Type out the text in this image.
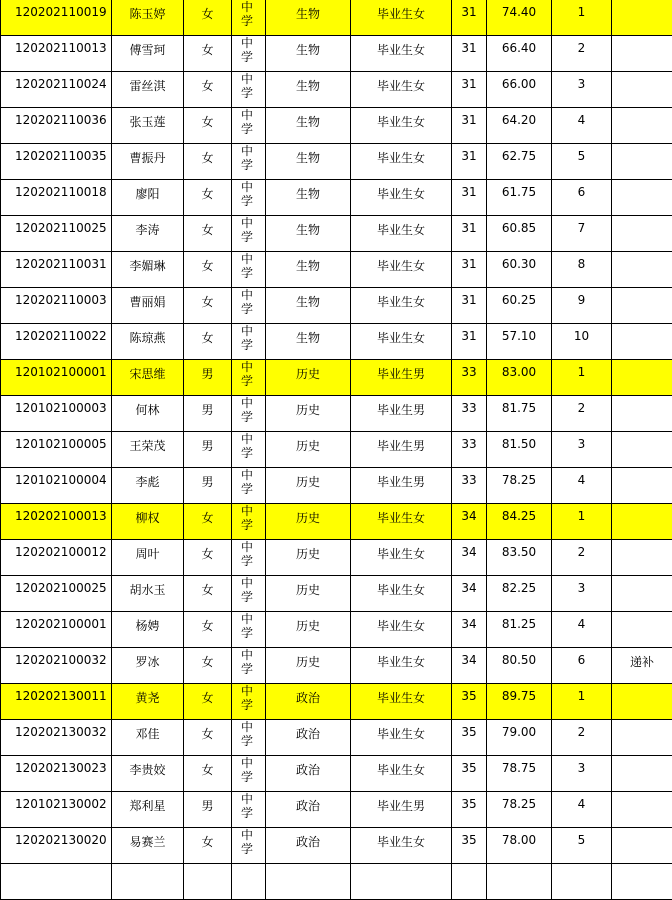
120202110019	陈玉婷	女	中学	生物	毕业生女	31	74.40	1	

120202110013	傅雪珂	女	中学	生物	毕业生女	31	66.40	2	

120202110024	雷丝淇	女	中学	生物	毕业生女	31	66.00	3	

120202110036	张玉莲	女	中学	生物	毕业生女	31	64.20	4	

120202110035	曹振丹	女	中学	生物	毕业生女	31	62.75	5	

120202110018	廖阳	女	中学	生物	毕业生女	31	61.75	6	

120202110025	李涛	女	中学	生物	毕业生女	31	60.85	7	

120202110031	李媚琳	女	中学	生物	毕业生女	31	60.30	8	

120202110003	曹丽娟	女	中学	生物	毕业生女	31	60.25	9	

120202110022	陈琼燕	女	中学	生物	毕业生女	31	57.10	10	

120102100001	宋思维	男	中学	历史	毕业生男	33	83.00	1	

120102100003	何林	男	中学	历史	毕业生男	33	81.75	2	

120102100005	王荣茂	男	中学	历史	毕业生男	33	81.50	3	

120102100004	李彪	男	中学	历史	毕业生男	33	78.25	4	

120202100013	柳权	女	中学	历史	毕业生女	34	84.25	1	

120202100012	周叶	女	中学	历史	毕业生女	34	83.50	2	

120202100025	胡水玉	女	中学	历史	毕业生女	34	82.25	3	

120202100001	杨娉	女	中学	历史	毕业生女	34	81.25	4	

120202100032	罗冰	女	中学	历史	毕业生女	34	80.50	6	递补

120202130011	黄尧	女	中学	政治	毕业生女	35	89.75	1	

120202130032	邓佳	女	中学	政治	毕业生女	35	79.00	2	

120202130023	李贵姣	女	中学	政治	毕业生女	35	78.75	3	

120102130002	郑利星	男	中学	政治	毕业生男	35	78.25	4	

120202130020	易赛兰	女	中学	政治	毕业生女	35	78.00	5	
